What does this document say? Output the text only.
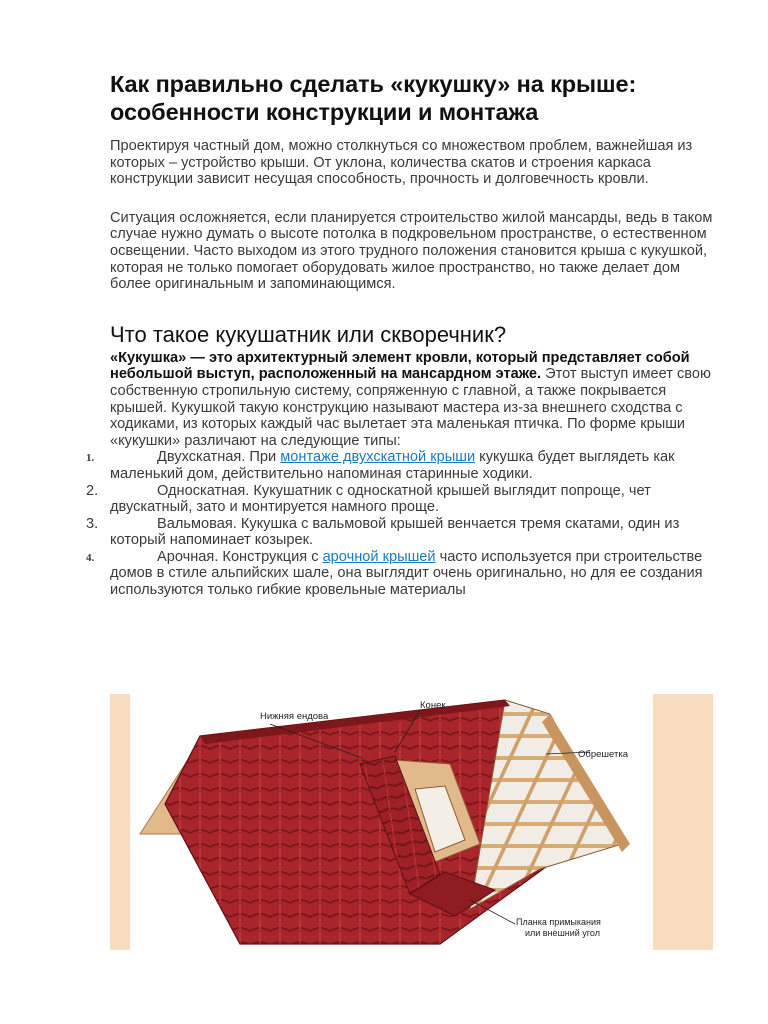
Как правильно сделать «кукушку» на крыше: особенности конструкции и монтажа

Проектируя частный дом, можно столкнуться со множеством проблем, важнейшая из которых – устройство крыши. От уклона, количества скатов и строения каркаса конструкции зависит несущая способность, прочность и долговечность кровли.

Ситуация осложняется, если планируется строительство жилой мансарды, ведь в таком случае нужно думать о высоте потолка в подкровельном пространстве, о естественном освещении. Часто выходом из этого трудного положения становится крыша с кукушкой, которая не только помогает оборудовать жилое пространство, но также делает дом более оригинальным и запоминающимся.

Что такое кукушатник или скворечник?

«Кукушка» — это архитектурный элемент кровли, который представляет собой небольшой выступ, расположенный на мансардном этаже. Этот выступ имеет свою собственную стропильную систему, сопряженную с главной, а также покрывается крышей. Кукушкой такую конструкцию называют мастера из-за внешнего сходства с ходиками, из которых каждый час вылетает эта маленькая птичка. По форме крыши «кукушки» различают на следующие типы:

1.	Двухскатная. При монтаже двухскатной крыши кукушка будет выглядеть как маленький дом, действительно напоминая старинные ходики.
2.	Односкатная. Кукушатник с односкатной крышей выглядит попроще, чет двускатный, зато и монтируется намного проще.
3.	Вальмовая. Кукушка с вальмовой крышей венчается тремя скатами, один из который напоминает козырек.
4.	Арочная. Конструкция с арочной крышей часто используется при строительстве домов в стиле альпийских шале, она выглядит очень оригинально, но для ее создания используются только гибкие кровельные материалы
Нижняя ендова
Конек
Обрешетка
Планка примыкания
или внешний угол
